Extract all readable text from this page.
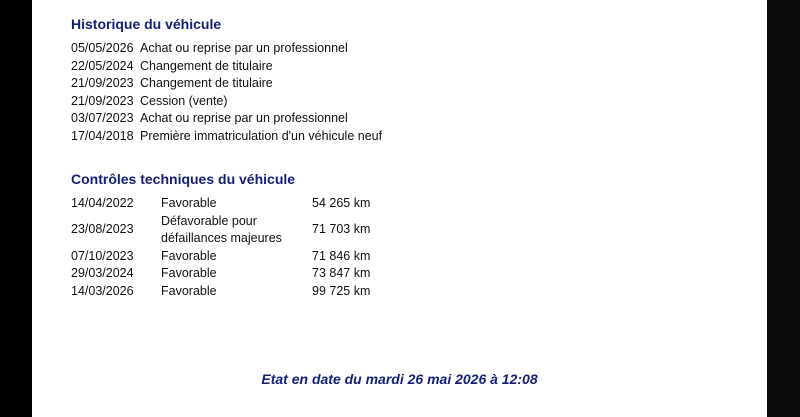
Historique du véhicule
05/05/2026 Achat ou reprise par un professionnel
22/05/2024 Changement de titulaire
21/09/2023 Changement de titulaire
21/09/2023 Cession (vente)
03/07/2023 Achat ou reprise par un professionnel
17/04/2018 Première immatriculation d'un véhicule neuf
Contrôles techniques du véhicule
14/04/2022	Favorable	54 265 km
23/08/2023	Défavorable pour défaillances majeures	71 703 km
07/10/2023	Favorable	71 846 km
29/03/2024	Favorable	73 847 km
14/03/2026	Favorable	99 725 km
Etat en date du mardi 26 mai 2026 à 12:08
